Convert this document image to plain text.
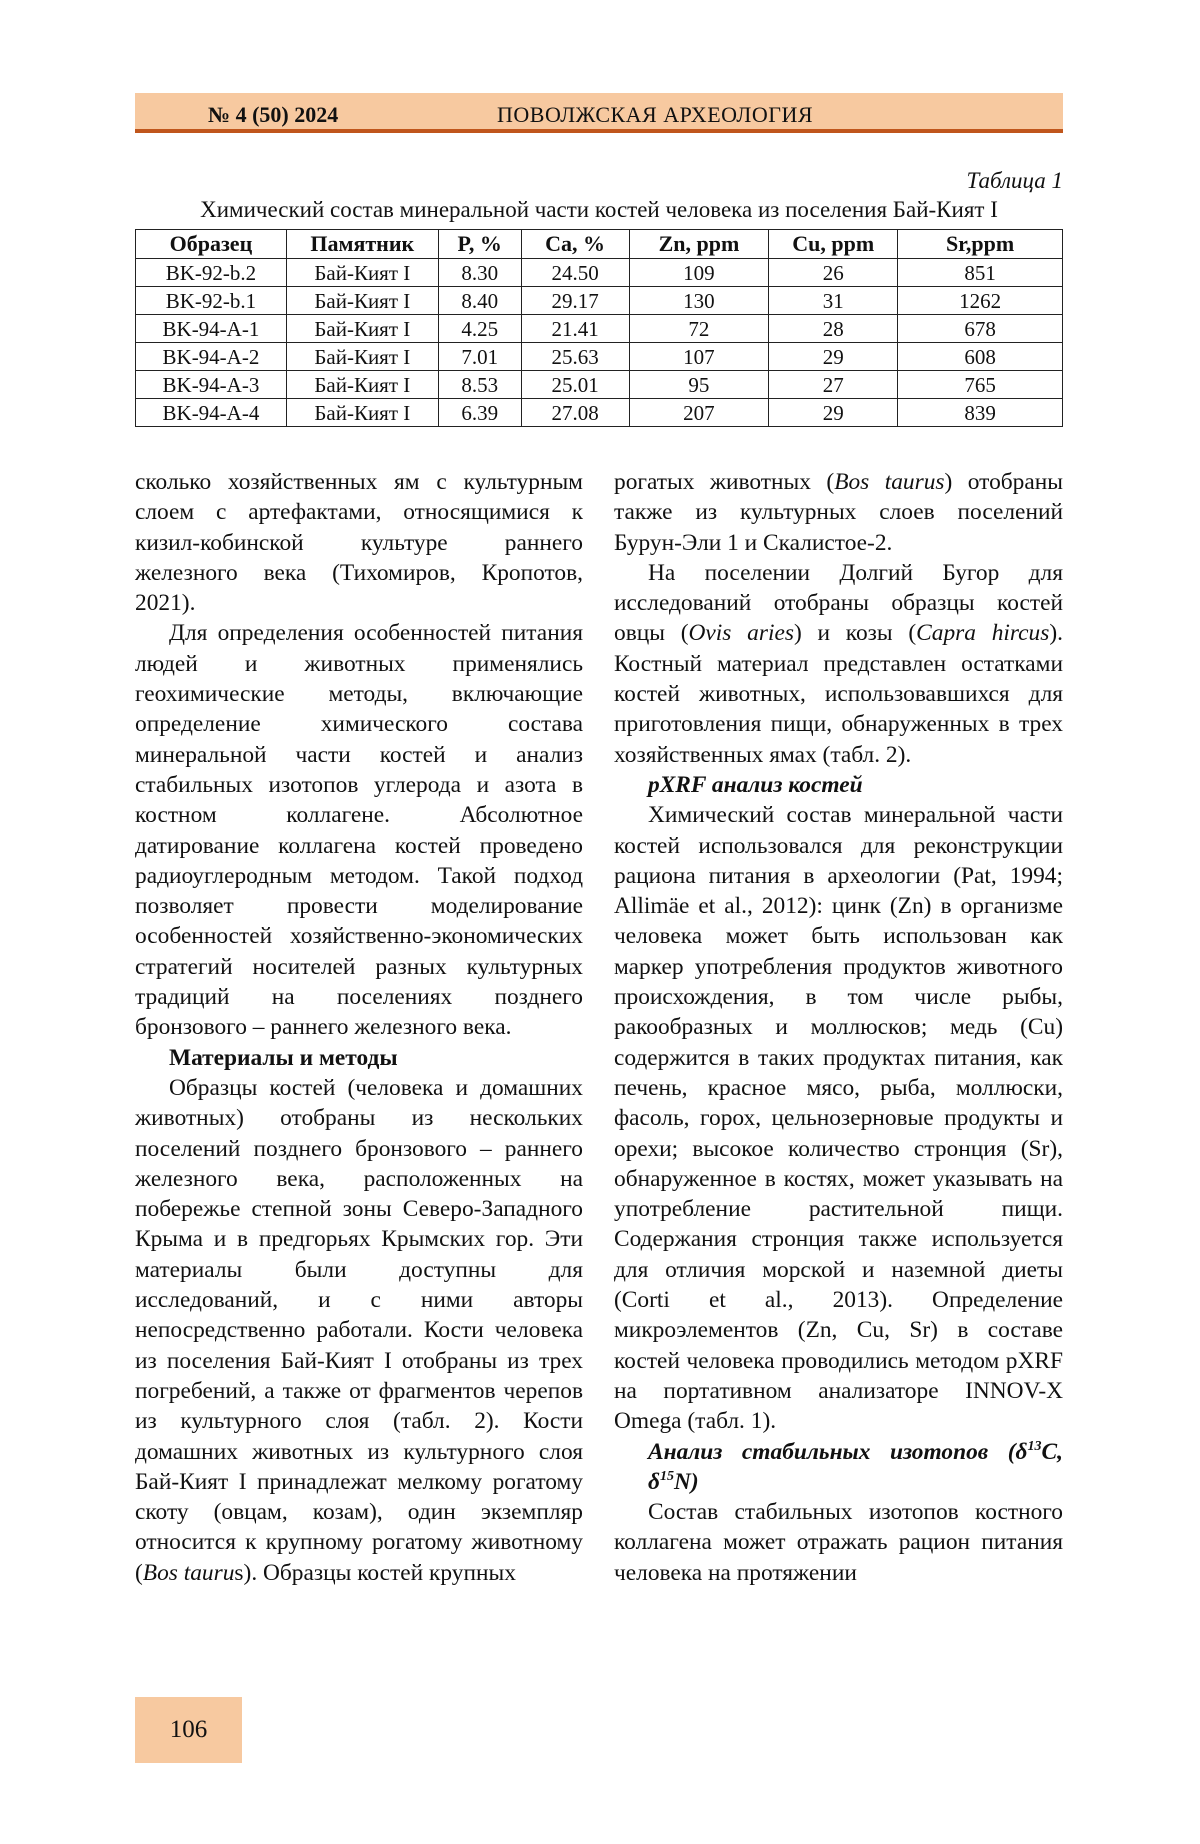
№ 4 (50) 2024	ПОВОЛЖСКАЯ АРХЕОЛОГИЯ
Таблица 1
Химический состав минеральной части костей человека из поселения Бай-Кият I
Образец	Памятник	P, %	Ca, %	Zn, ppm	Cu, ppm	Sr,ppm
BK-92-b.2	Бай-Кият I	8.30	24.50	109	26	851
BK-92-b.1	Бай-Кият I	8.40	29.17	130	31	1262
BK-94-A-1	Бай-Кият I	4.25	21.41	72	28	678
BK-94-A-2	Бай-Кият I	7.01	25.63	107	29	608
BK-94-A-3	Бай-Кият I	8.53	25.01	95	27	765
BK-94-A-4	Бай-Кият I	6.39	27.08	207	29	839

сколько хозяйственных ям с культурным слоем с артефактами, относящимися к кизил-кобинской культуре раннего железного века (Тихомиров, Кропотов, 2021).

Для определения особенностей питания людей и животных применялись геохимические методы, включающие определение химического состава минеральной части костей и анализ стабильных изотопов углерода и азота в костном коллагене. Абсолютное датирование коллагена костей проведено радиоуглеродным методом. Такой подход позволяет провести моделирование особенностей хозяйственно-экономических стратегий носителей разных культурных традиций на поселениях позднего бронзового – раннего железного века.

Материалы и методы

Образцы костей (человека и домашних животных) отобраны из нескольких поселений позднего бронзового – раннего железного века, расположенных на побережье степной зоны Северо-Западного Крыма и в предгорьях Крымских гор. Эти материалы были доступны для исследований, и с ними авторы непосредственно работали. Кости человека из поселения Бай-Кият I отобраны из трех погребений, а также от фрагментов черепов из культурного слоя (табл. 2). Кости домашних животных из культурного слоя Бай-Кият I принадлежат мелкому рогатому скоту (овцам, козам), один экземпляр относится к крупному рогатому животному (Bos taurus). Образцы костей крупных

рогатых животных (Bos taurus) отобраны также из культурных слоев поселений Бурун-Эли 1 и Скалистое-2.

На поселении Долгий Бугор для исследований отобраны образцы костей овцы (Ovis aries) и козы (Capra hircus). Костный материал представлен остатками костей животных, использовавшихся для приготовления пищи, обнаруженных в трех хозяйственных ямах (табл. 2).

pXRF анализ костей

Химический состав минеральной части костей использовался для реконструкции рациона питания в археологии (Pat, 1994; Allimäe et al., 2012): цинк (Zn) в организме человека может быть использован как маркер употребления продуктов животного происхождения, в том числе рыбы, ракообразных и моллюсков; медь (Cu) содержится в таких продуктах питания, как печень, красное мясо, рыба, моллюски, фасоль, горох, цельнозерновые продукты и орехи; высокое количество стронция (Sr), обнаруженное в костях, может указывать на употребление растительной пищи. Содержания стронция также используется для отличия морской и наземной диеты (Corti et al., 2013). Определение микроэлементов (Zn, Cu, Sr) в составе костей человека проводились методом pXRF на портативном анализаторе INNOV-X Omega (табл. 1).

Анализ стабильных изотопов ($\delta^{13}C$, $\delta^{15}N$)

Состав стабильных изотопов костного коллагена может отражать рацион питания человека на протяжении

106
